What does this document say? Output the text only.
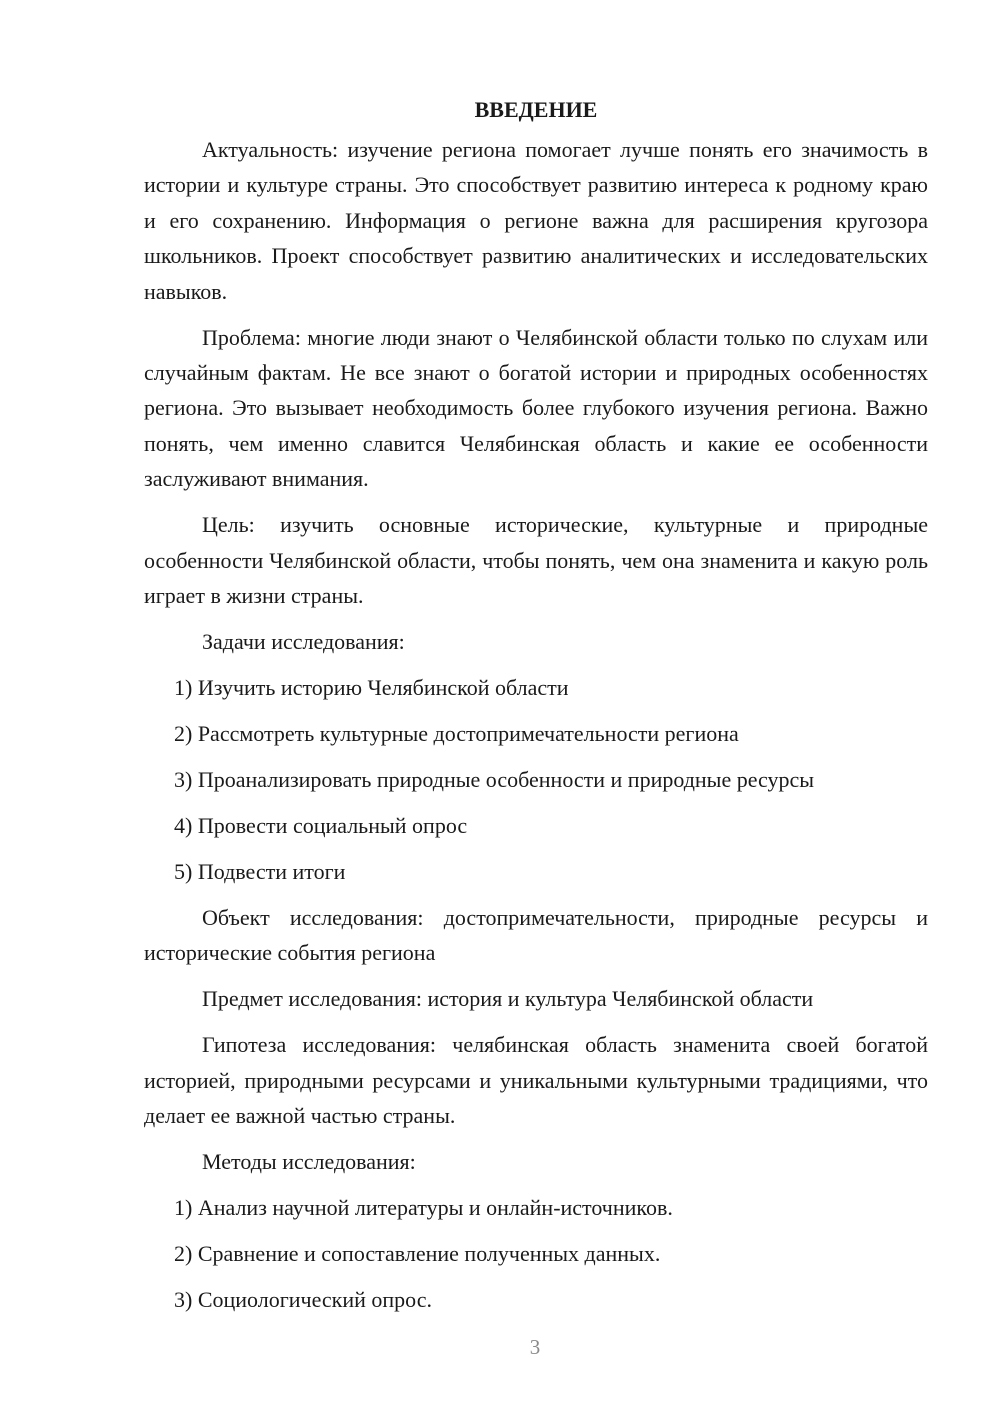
ВВЕДЕНИЕ

Актуальность: изучение региона помогает лучше понять его значимость в истории и культуре страны. Это способствует развитию интереса к родному краю и его сохранению. Информация о регионе важна для расширения кругозора школьников. Проект способствует развитию аналитических и исследовательских навыков.

Проблема: многие люди знают о Челябинской области только по слухам или случайным фактам. Не все знают о богатой истории и природных особенностях региона. Это вызывает необходимость более глубокого изучения региона. Важно понять, чем именно славится Челябинская область и какие ее особенности заслуживают внимания.

Цель: изучить основные исторические, культурные и природные особенности Челябинской области, чтобы понять, чем она знаменита и какую роль играет в жизни страны.

Задачи исследования:

1) Изучить историю Челябинской области
2) Рассмотреть культурные достопримечательности региона
3) Проанализировать природные особенности и природные ресурсы
4) Провести социальный опрос
5) Подвести итоги

Объект исследования: достопримечательности, природные ресурсы и исторические события региона

Предмет исследования: история и культура Челябинской области

Гипотеза исследования: челябинская область знаменита своей богатой историей, природными ресурсами и уникальными культурными традициями, что делает ее важной частью страны.

Методы исследования:

1) Анализ научной литературы и онлайн-источников.
2) Сравнение и сопоставление полученных данных.
3) Социологический опрос.
3
